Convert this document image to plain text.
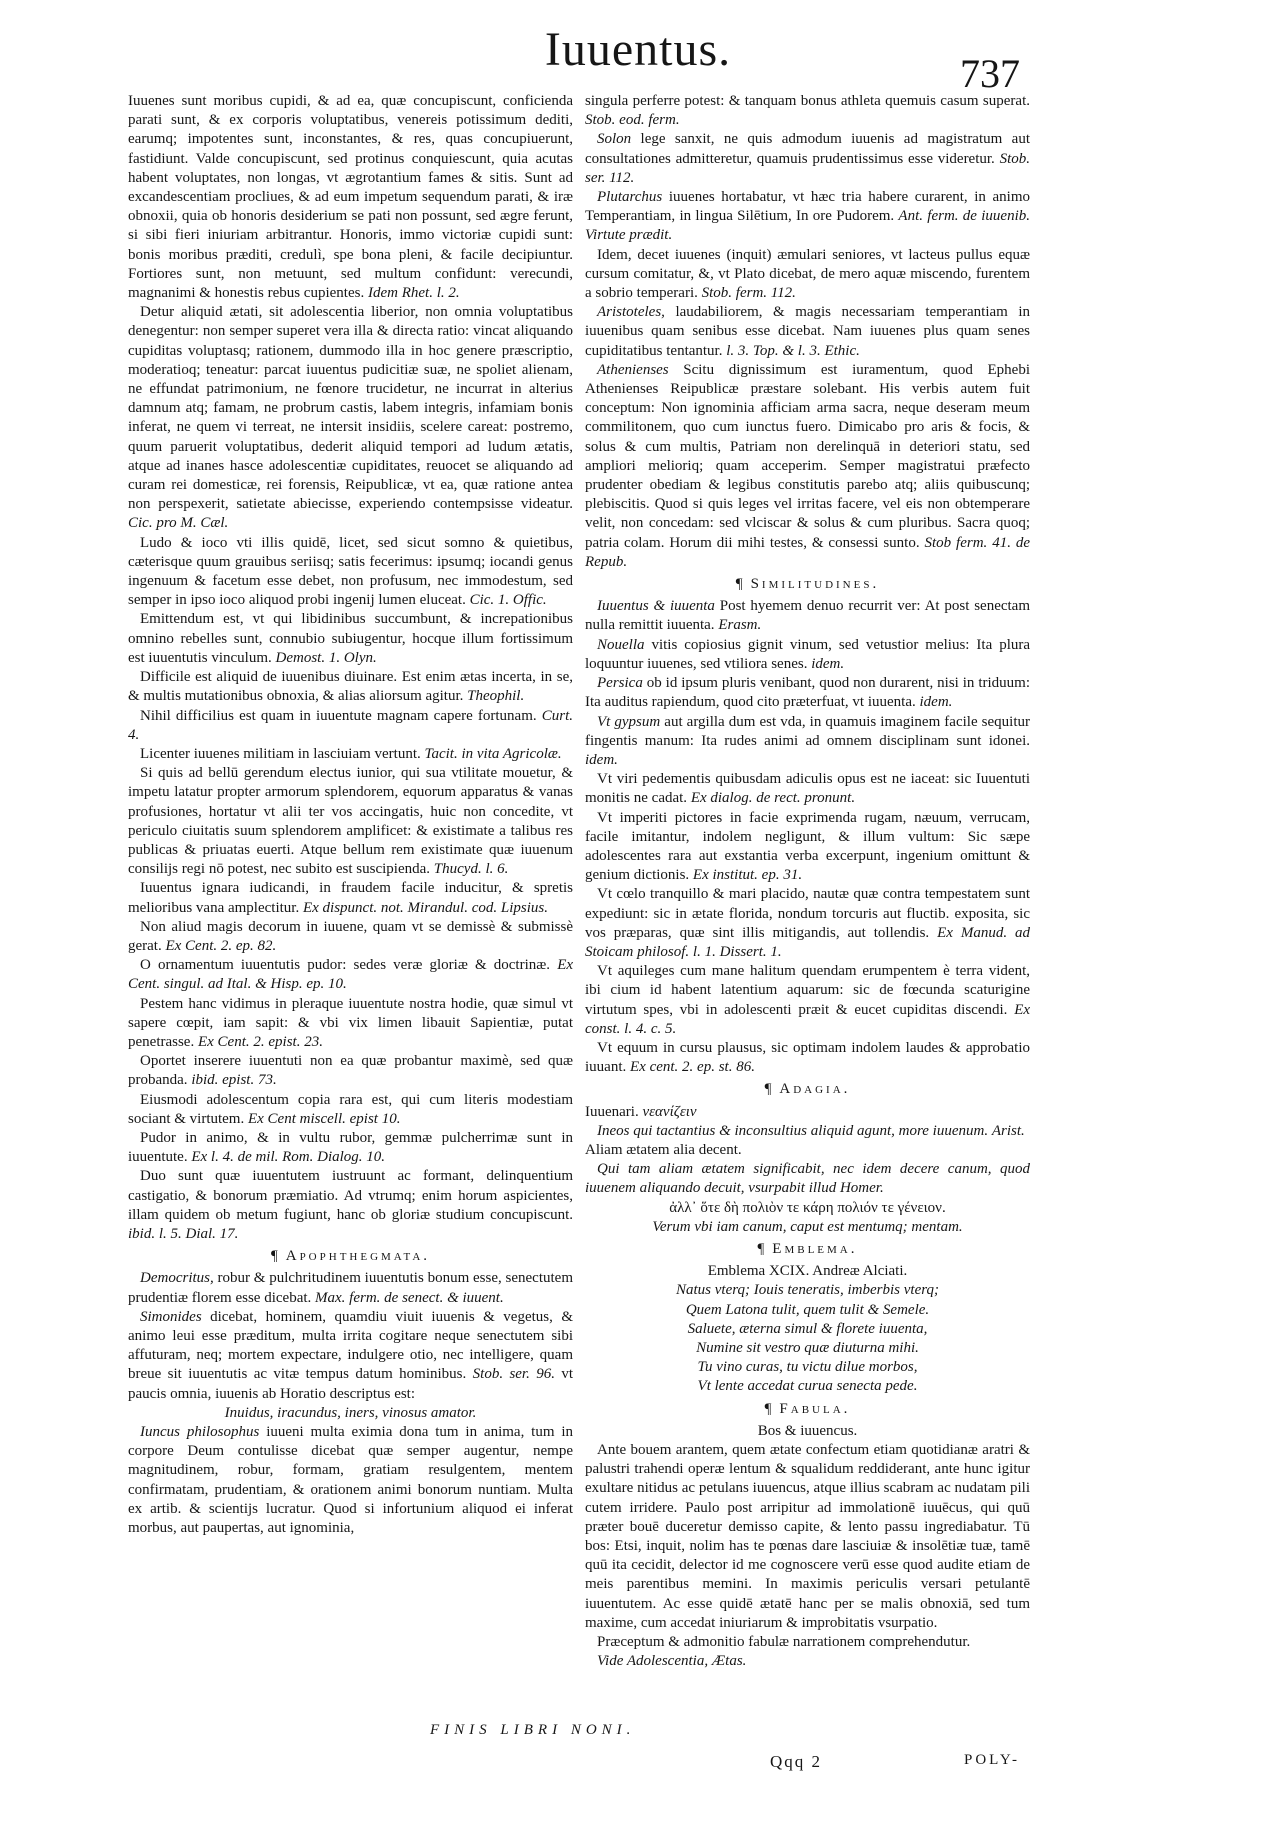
Iuuentus.	737

Iuuenes sunt moribus cupidi, & ad ea, quæ concupiscunt, conficienda parati sunt, & ex corporis voluptatibus, venereis potissimum dediti, earumq; impotentes sunt, inconstantes, & res, quas concupiuerunt, fastidiunt. Valde concupiscunt, sed protinus conquiescunt, quia acutas habent voluptates, non longas, vt ægrotantium fames & sitis. Sunt ad excandescentiam procliues, & ad eum impetum sequendum parati, & iræ obnoxii, quia ob honoris desiderium se pati non possunt, sed ægre ferunt, si sibi fieri iniuriam arbitrantur. Honoris, immo victoriæ cupidi sunt: bonis moribus præditi, credulì, spe bona pleni, & facile decipiuntur. Fortiores sunt, non metuunt, sed multum confidunt: verecundi, magnanimi & honestis rebus cupientes. Idem Rhet. l. 2.

Detur aliquid ætati, sit adolescentia liberior, non omnia voluptatibus denegentur: non semper superet vera illa & directa ratio: vincat aliquando cupiditas voluptasq; rationem, dummodo illa in hoc genere præscriptio, moderatioq; teneatur: parcat iuuentus pudicitiæ suæ, ne spoliet alienam, ne effundat patrimonium, ne fœnore trucidetur, ne incurrat in alterius damnum atq; famam, ne probrum castis, labem integris, infamiam bonis inferat, ne quem vi terreat, ne intersit insidiis, scelere careat: postremo, quum paruerit voluptatibus, dederit aliquid tempori ad ludum ætatis, atque ad inanes hasce adolescentiæ cupiditates, reuocet se aliquando ad curam rei domesticæ, rei forensis, Reipublicæ, vt ea, quæ ratione antea non perspexerit, satietate abiecisse, experiendo contempsisse videatur. Cic. pro M. Cæl.

Ludo & ioco vti illis quidē, licet, sed sicut somno & quietibus, cæterisque quum grauibus seriisq; satis fecerimus: ipsumq; iocandi genus ingenuum & facetum esse debet, non profusum, nec immodestum, sed semper in ipso ioco aliquod probi ingenij lumen eluceat. Cic. 1. Offic.

Emittendum est, vt qui libidinibus succumbunt, & increpationibus omnino rebelles sunt, connubio subiugentur, hocque illum fortissimum est iuuentutis vinculum. Demost. 1. Olyn.

Difficile est aliquid de iuuenibus diuinare. Est enim ætas incerta, in se, & multis mutationibus obnoxia, & alias aliorsum agitur. Theophil.

Nihil difficilius est quam in iuuentute magnam capere fortunam. Curt. 4.

Licenter iuuenes militiam in lasciuiam vertunt. Tacit. in vita Agricolæ.

Si quis ad bellū gerendum electus iunior, qui sua vtilitate mouetur, & impetu latatur propter armorum splendorem, equorum apparatus & vanas profusiones, hortatur vt alii ter vos accingatis, huic non concedite, vt periculo ciuitatis suum splendorem amplificet: & existimate a talibus res publicas & priuatas euerti. Atque bellum rem existimate quæ iuuenum consilijs regi nō potest, nec subito est suscipienda. Thucyd. l. 6.

Iuuentus ignara iudicandi, in fraudem facile inducitur, & spretis melioribus vana amplectitur. Ex dispunct. not. Mirandul. cod. Lipsius.

Non aliud magis decorum in iuuene, quam vt se demissè & submissè gerat. Ex Cent. 2. ep. 82.

O ornamentum iuuentutis pudor: sedes veræ gloriæ & doctrinæ. Ex Cent. singul. ad Ital. & Hisp. ep. 10.

Pestem hanc vidimus in pleraque iuuentute nostra hodie, quæ simul vt sapere cœpit, iam sapit: & vbi vix limen libauit Sapientiæ, putat penetrasse. Ex Cent. 2. epist. 23.

Oportet inserere iuuentuti non ea quæ probantur maximè, sed quæ probanda. ibid. epist. 73.

Eiusmodi adolescentum copia rara est, qui cum literis modestiam sociant & virtutem. Ex Cent miscell. epist 10.

Pudor in animo, & in vultu rubor, gemmæ pulcherrimæ sunt in iuuentute. Ex l. 4. de mil. Rom. Dialog. 10.

Duo sunt quæ iuuentutem iustruunt ac formant, delinquentium castigatio, & bonorum præmiatio. Ad vtrumq; enim horum aspicientes, illam quidem ob metum fugiunt, hanc ob gloriæ studium concupiscunt. ibid. l. 5. Dial. 17.

¶ Apophthegmata.

Democritus, robur & pulchritudinem iuuentutis bonum esse, senectutem prudentiæ florem esse dicebat. Max. ferm. de senect. & iuuent.

Simonides dicebat, hominem, quamdiu viuit iuuenis & vegetus, & animo leui esse præditum, multa irrita cogitare neque senectutem sibi affuturam, neq; mortem expectare, indulgere otio, nec intelligere, quam breue sit iuuentutis ac vitæ tempus datum hominibus. Stob. ser. 96. vt paucis omnia, iuuenis ab Horatio descriptus est:

Inuidus, iracundus, iners, vinosus amator.

Iuncus philosophus iuueni multa eximia dona tum in anima, tum in corpore Deum contulisse dicebat quæ semper augentur, nempe magnitudinem, robur, formam, gratiam resulgentem, mentem confirmatam, prudentiam, & orationem animi bonorum nuntiam. Multa ex artib. & scientijs lucratur. Quod si infortunium aliquod ei inferat morbus, aut paupertas, aut ignominia,

singula perferre potest: & tanquam bonus athleta quemuis casum superat. Stob. eod. ferm.

Solon lege sanxit, ne quis admodum iuuenis ad magistratum aut consultationes admitteretur, quamuis prudentissimus esse videretur. Stob. ser. 112.

Plutarchus iuuenes hortabatur, vt hæc tria habere curarent, in animo Temperantiam, in lingua Silētium, In ore Pudorem. Ant. ferm. de iuuenib. Virtute prædit.

Idem, decet iuuenes (inquit) æmulari seniores, vt lacteus pullus equæ cursum comitatur, &, vt Plato dicebat, de mero aquæ miscendo, furentem a sobrio temperari. Stob. ferm. 112.

Aristoteles, laudabiliorem, & magis necessariam temperantiam in iuuenibus quam senibus esse dicebat. Nam iuuenes plus quam senes cupiditatibus tentantur. l. 3. Top. & l. 3. Ethic.

Athenienses Scitu dignissimum est iuramentum, quod Ephebi Athenienses Reipublicæ præstare solebant. His verbis autem fuit conceptum: Non ignominia afficiam arma sacra, neque deseram meum commilitonem, quo cum iunctus fuero. Dimicabo pro aris & focis, & solus & cum multis, Patriam non derelinquā in deteriori statu, sed ampliori melioriq; quam acceperim. Semper magistratui præfecto prudenter obediam & legibus constitutis parebo atq; aliis quibuscunq; plebiscitis. Quod si quis leges vel irritas facere, vel eis non obtemperare velit, non concedam: sed vlciscar & solus & cum pluribus. Sacra quoq; patria colam. Horum dii mihi testes, & consessi sunto. Stob ferm. 41. de Repub.

¶ Similitudines.

Iuuentus & iuuenta Post hyemem denuo recurrit ver: At post senectam nulla remittit iuuenta. Erasm.

Nouella vitis copiosius gignit vinum, sed vetustior melius: Ita plura loquuntur iuuenes, sed vtiliora senes. idem.

Persica ob id ipsum pluris venibant, quod non durarent, nisi in triduum: Ita auditus rapiendum, quod cito præterfuat, vt iuuenta. idem.

Vt gypsum aut argilla dum est vda, in quamuis imaginem facile sequitur fingentis manum: Ita rudes animi ad omnem disciplinam sunt idonei. idem.

Vt viri pedementis quibusdam adiculis opus est ne iaceat: sic Iuuentuti monitis ne cadat. Ex dialog. de rect. pronunt.

Vt imperiti pictores in facie exprimenda rugam, næuum, verrucam, facile imitantur, indolem negligunt, & illum vultum: Sic sæpe adolescentes rara aut exstantia verba excerpunt, ingenium omittunt & genium dictionis. Ex institut. ep. 31.

Vt cœlo tranquillo & mari placido, nautæ quæ contra tempestatem sunt expediunt: sic in ætate florida, nondum torcuris aut fluctib. exposita, sic vos præparas, quæ sint illis mitigandis, aut tollendis. Ex Manud. ad Stoicam philosof. l. 1. Dissert. 1.

Vt aquileges cum mane halitum quendam erumpentem è terra vident, ibi cium id habent latentium aquarum: sic de fœcunda scaturigine virtutum spes, vbi in adolescenti præit & eucet cupiditas discendi. Ex const. l. 4. c. 5.

Vt equum in cursu plausus, sic optimam indolem laudes & approbatio iuuant. Ex cent. 2. ep. st. 86.

¶ Adagia.

Iuuenari. νεανίζειν

Ineos qui tactantius & inconsultius aliquid agunt, more iuuenum. Arist.

Aliam ætatem alia decent.

Qui tam aliam ætatem significabit, nec idem decere canum, quod iuuenem aliquando decuit, vsurpabit illud Homer.

ἀλλ᾽ ὅτε δὴ πολιὸν τε κάρη πολιόν τε γένειον.

Verum vbi iam canum, caput est mentumq; mentam.

¶ Emblema.

Emblema XCIX. Andreæ Alciati.

Natus vterq; Iouis teneratis, imberbis vterq;

Quem Latona tulit, quem tulit & Semele.

Saluete, æterna simul & florete iuuenta,

Numine sit vestro quæ diuturna mihi.

Tu vino curas, tu victu dilue morbos,

Vt lente accedat curua senecta pede.

¶ Fabula.

Bos & iuuencus.

Ante bouem arantem, quem ætate confectum etiam quotidianæ aratri & palustri trahendi operæ lentum & squalidum reddiderant, ante hunc igitur exultare nitidus ac petulans iuuencus, atque illius scabram ac nudatam pili cutem irridere. Paulo post arripitur ad immolationē iuuēcus, qui quū præter bouē duceretur demisso capite, & lento passu ingrediabatur. Tū bos: Etsi, inquit, nolim has te pœnas dare lasciuiæ & insolētiæ tuæ, tamē quū ita cecidit, delector id me cognoscere verū esse quod audite etiam de meis parentibus memini. In maximis periculis versari petulantē iuuentutem. Ac esse quidē ætatē hanc per se malis obnoxiā, sed tum maxime, cum accedat iniuriarum & improbitatis vsurpatio.

Præceptum & admonitio fabulæ narrationem comprehendutur.

Vide Adolescentia, Ætas.

FINIS LIBRI NONI.
Qqq 2	POLY-
